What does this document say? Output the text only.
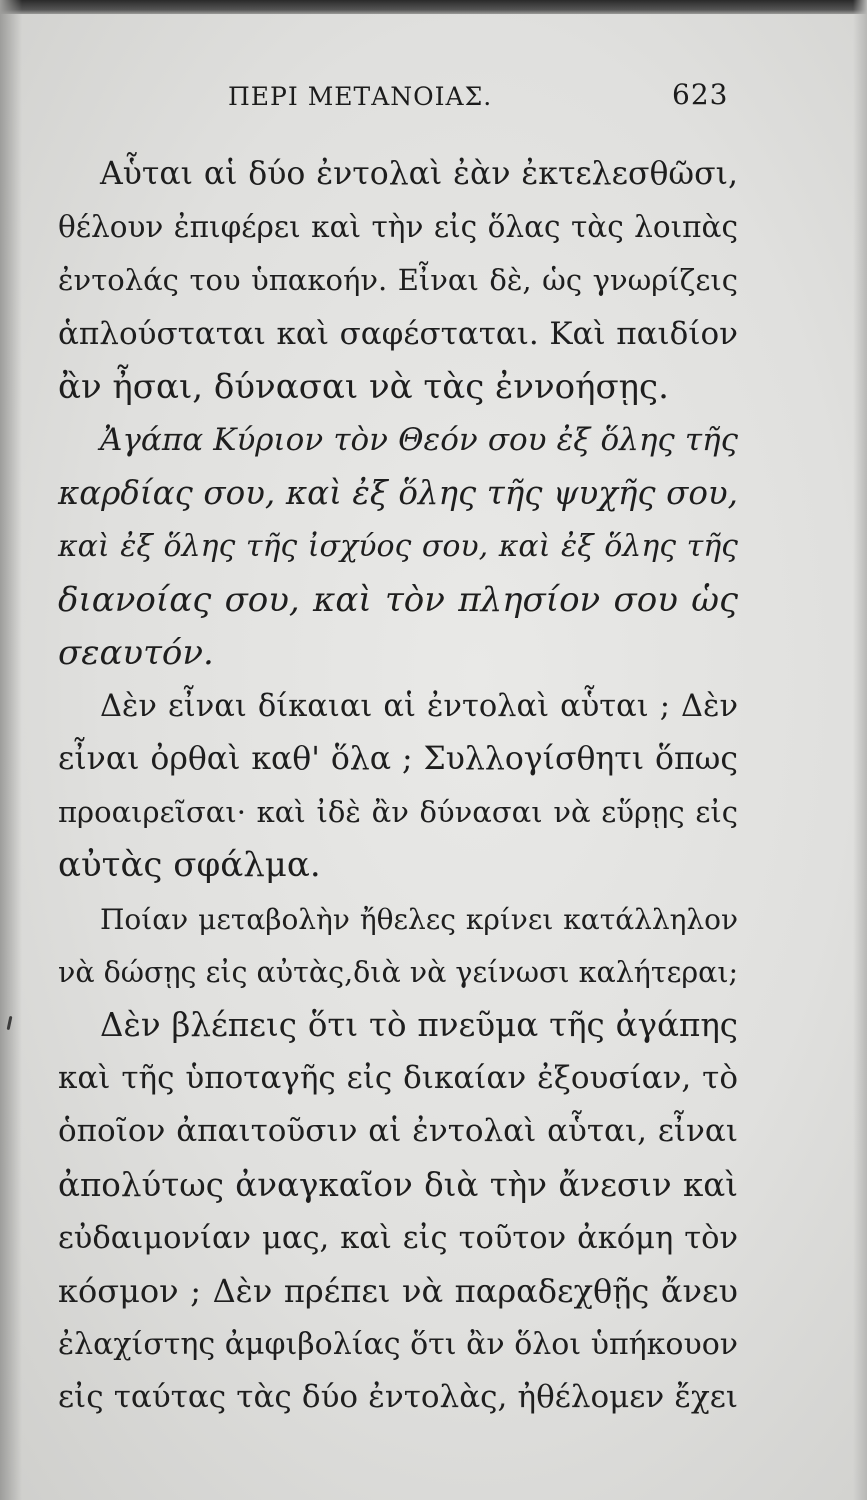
ΠΕΡΙ ΜΕΤΑΝΟΙΑΣ.	623
Αὗται αἱ δύο ἐντολαὶ ἐὰν ἐκτελεσθῶσι,
θέλουν ἐπιφέρει καὶ τὴν εἰς ὅλας τὰς λοιπὰς
ἐντολάς του ὑπακοήν. Εἶναι δὲ, ὡς γνωρίζεις
ἁπλούσταται καὶ σαφέσταται. Καὶ παιδίον
ἂν ἦσαι, δύνασαι νὰ τὰς ἐννοήσῃς.
Ἀγάπα Κύριον τὸν Θεόν σου ἐξ ὅλης τῆς
καρδίας σου, καὶ ἐξ ὅλης τῆς ψυχῆς σου,
καὶ ἐξ ὅλης τῆς ἰσχύος σου, καὶ ἐξ ὅλης τῆς
διανοίας σου, καὶ τὸν πλησίον σου ὡς
σεαυτόν.
Δὲν εἶναι δίκαιαι αἱ ἐντολαὶ αὗται ; Δὲν
εἶναι ὀρθαὶ καθ' ὅλα ; Συλλογίσθητι ὅπως
προαιρεῖσαι· καὶ ἰδὲ ἂν δύνασαι νὰ εὕρῃς εἰς
αὐτὰς σφάλμα.
Ποίαν μεταβολὴν ἤθελες κρίνει κατάλληλον
νὰ δώσῃς εἰς αὐτὰς,διὰ νὰ γείνωσι καλήτεραι;
Δὲν βλέπεις ὅτι τὸ πνεῦμα τῆς ἀγάπης
καὶ τῆς ὑποταγῆς εἰς δικαίαν ἐξουσίαν, τὸ
ὁποῖον ἀπαιτοῦσιν αἱ ἐντολαὶ αὗται, εἶναι
ἀπολύτως ἀναγκαῖον διὰ τὴν ἄνεσιν καὶ
εὐδαιμονίαν μας, καὶ εἰς τοῦτον ἀκόμη τὸν
κόσμον ; Δὲν πρέπει νὰ παραδεχθῇς ἄνευ
ἐλαχίστης ἀμφιβολίας ὅτι ἂν ὅλοι ὑπήκουον
εἰς ταύτας τὰς δύο ἐντολὰς, ἠθέλομεν ἔχει
